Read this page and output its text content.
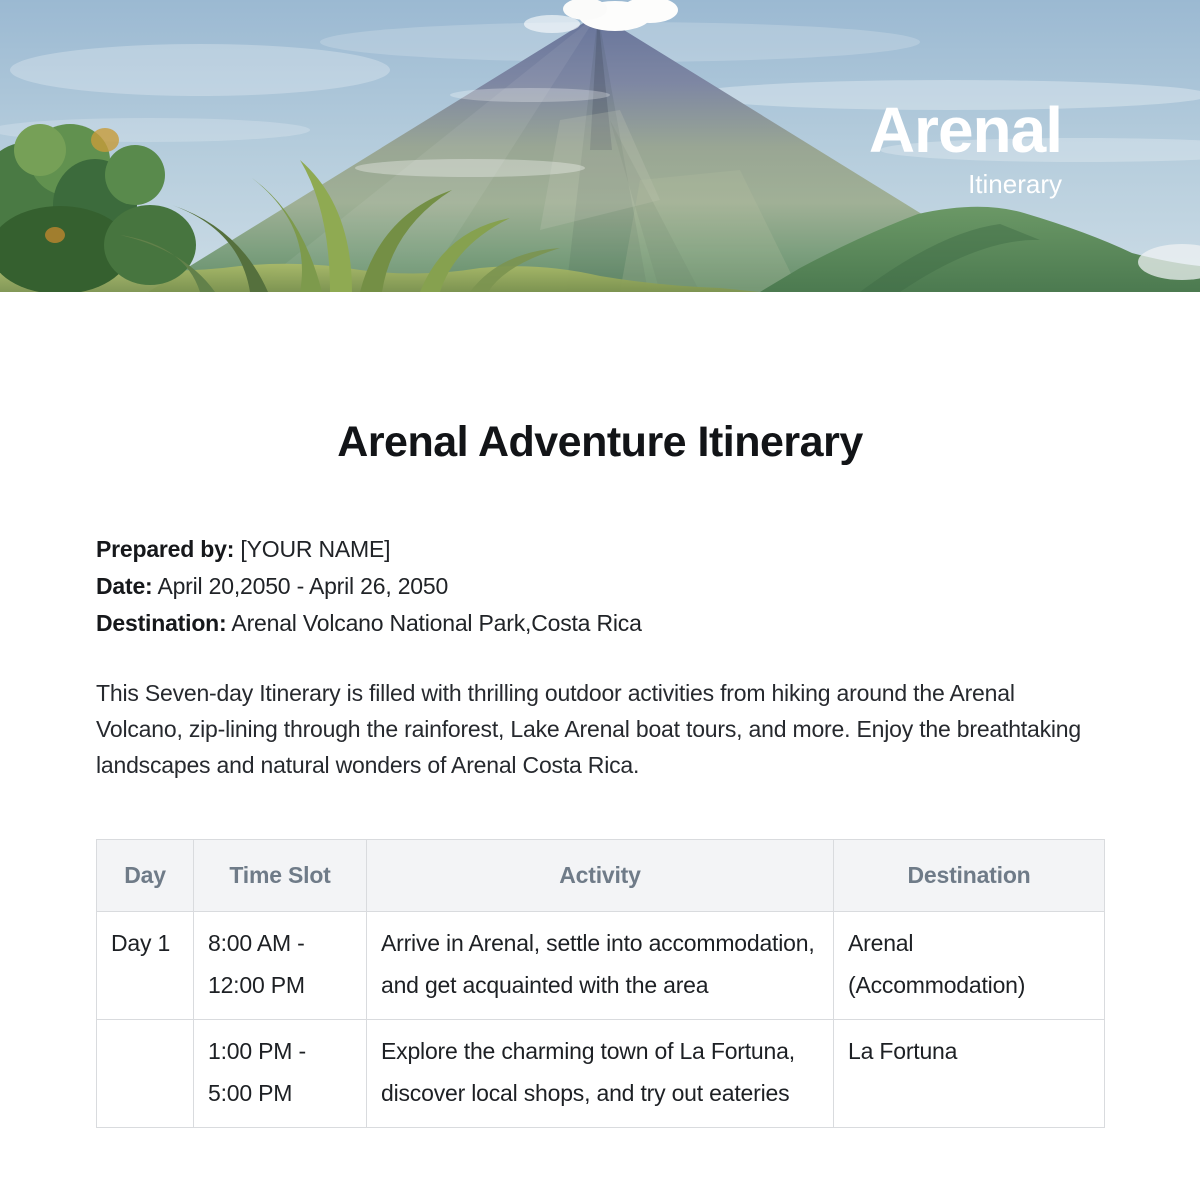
Arenal
Itinerary
Arenal Adventure Itinerary

Prepared by: [YOUR NAME]

Date: April 20,2050 - April 26, 2050

Destination: Arenal Volcano National Park,Costa Rica

This Seven-day Itinerary is filled with thrilling outdoor activities from hiking around the Arenal Volcano, zip-lining through the rainforest, Lake Arenal boat tours, and more. Enjoy the breathtaking landscapes and natural wonders of Arenal Costa Rica.

Day	Time Slot	Activity	Destination
Day 1	8:00 AM - 12:00 PM	Arrive in Arenal, settle into accommodation, and get acquainted with the area	Arenal (Accommodation)
	1:00 PM - 5:00 PM	Explore the charming town of La Fortuna, discover local shops, and try out eateries	La Fortuna
